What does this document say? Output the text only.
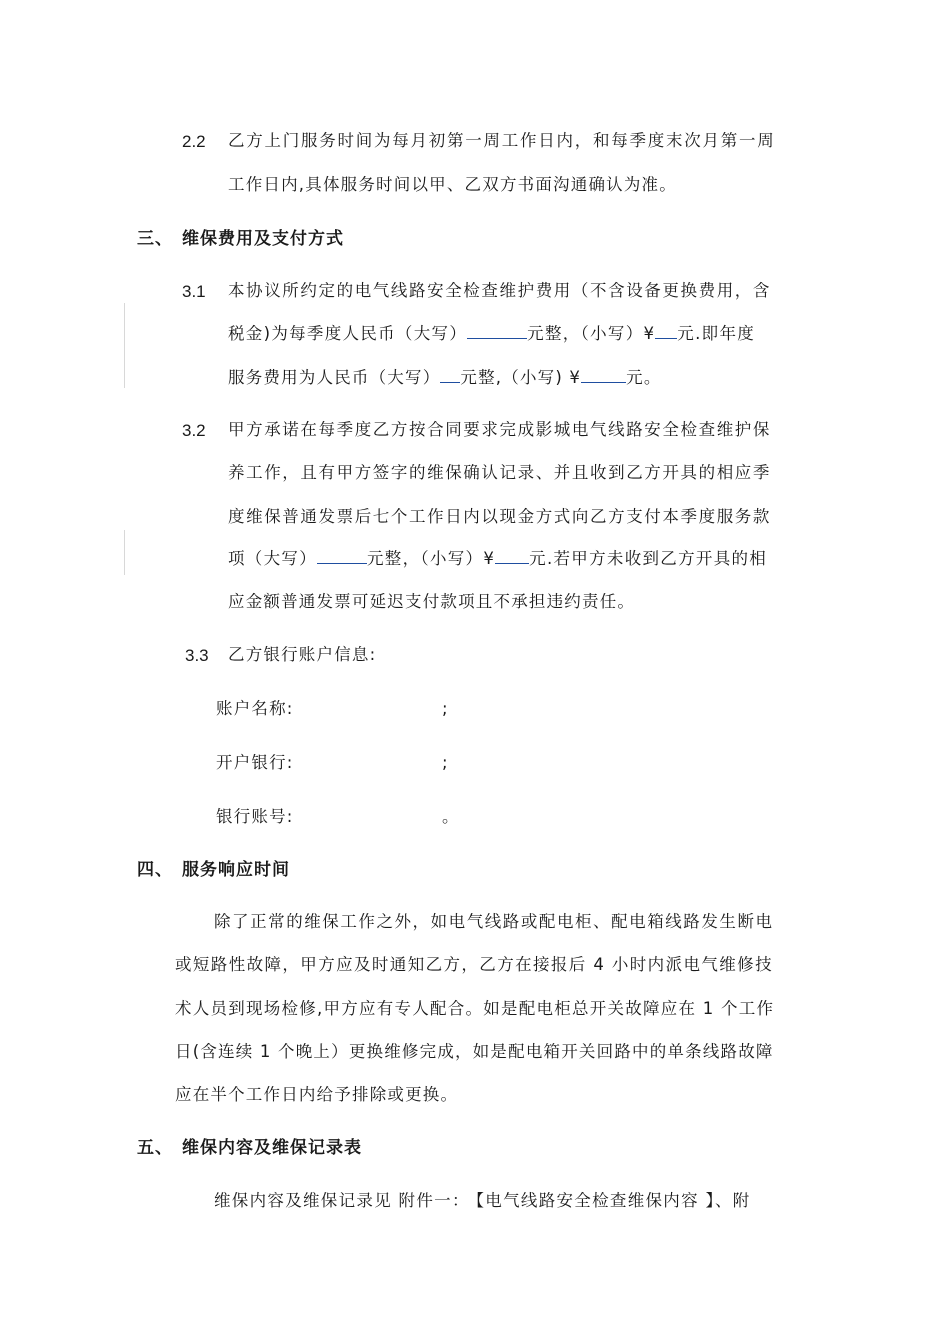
2.2 乙方上门服务时间为每月初第一周工作日内，和每季度末次月第一周
工作日内,具体服务时间以甲、乙双方书面沟通确认为准。
三、 维保费用及支付方式
3.1 本协议所约定的电气线路安全检查维护费用（不含设备更换费用，含
税金)为每季度人民币（大写）	元整，（小写）¥ 元.即年度
服务费用为人民币（大写） 元整,（小写) ¥	元。
3.2 甲方承诺在每季度乙方按合同要求完成影城电气线路安全检查维护保
养工作，且有甲方签字的维保确认记录、并且收到乙方开具的相应季
度维保普通发票后七个工作日内以现金方式向乙方支付本季度服务款
项（大写）	元整，（小写）¥ 元.若甲方未收到乙方开具的相
应金额普通发票可延迟支付款项且不承担违约责任。
3.3 乙方银行账户信息:
账户名称:	;
开户银行:	;
银行账号:	。
四、 服务响应时间
除了正常的维保工作之外，如电气线路或配电柜、配电箱线路发生断电
或短路性故障，甲方应及时通知乙方，乙方在接报后 4 小时内派电气维修技
术人员到现场检修,甲方应有专人配合。如是配电柜总开关故障应在 1 个工作
日(含连续 1 个晚上）更换维修完成，如是配电箱开关回路中的单条线路故障
应在半个工作日内给予排除或更换。
五、 维保内容及维保记录表
维保内容及维保记录见 附件一： 【电气线路安全检查维保内容 】、附
